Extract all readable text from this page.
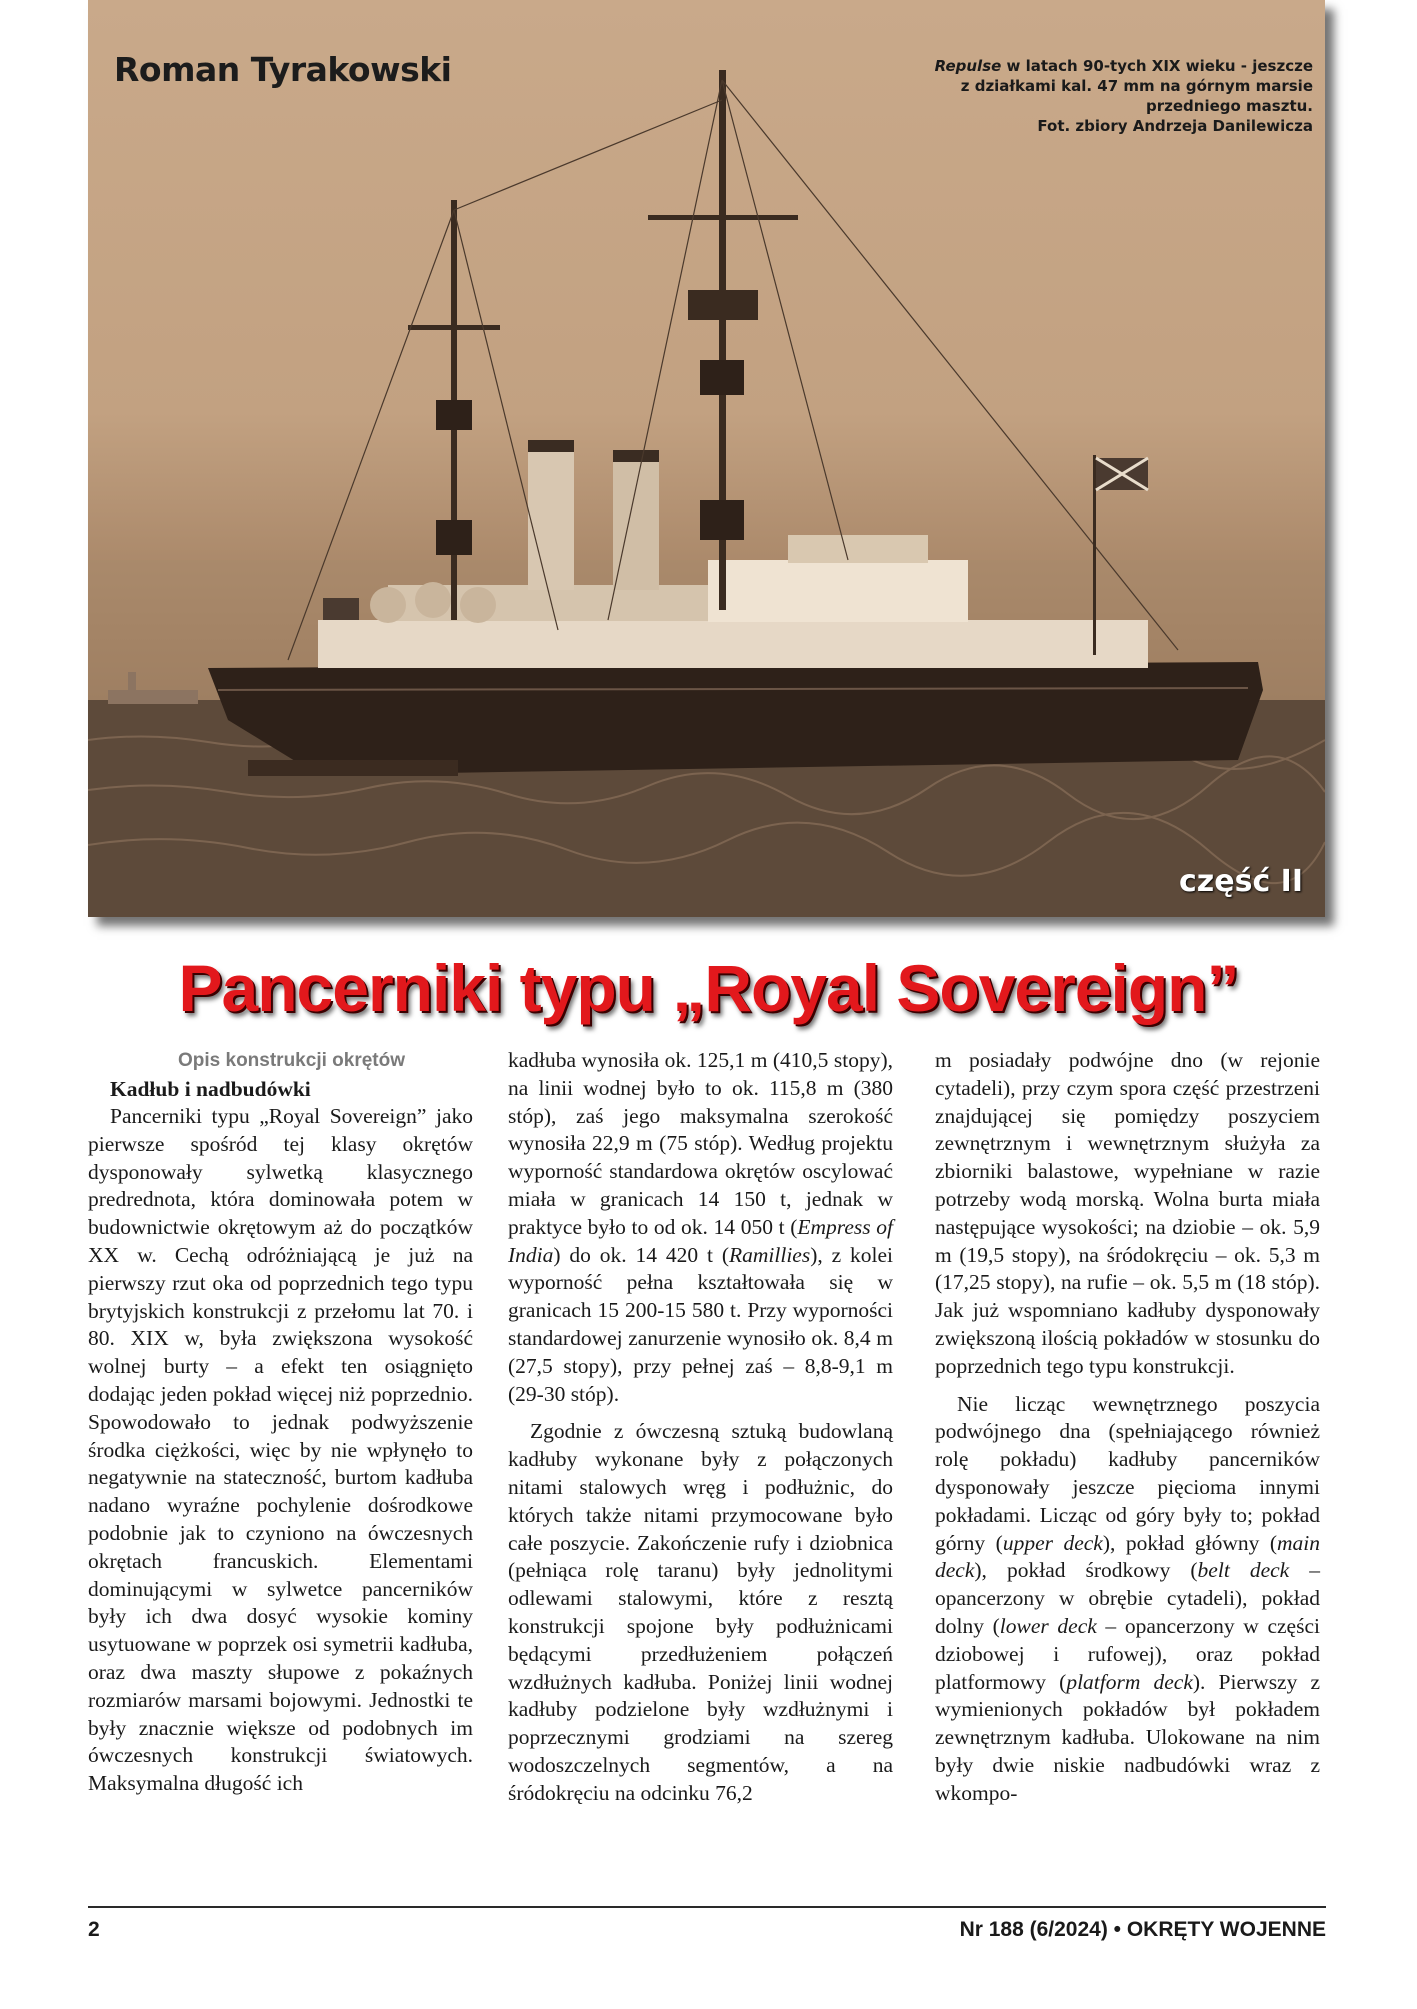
Roman Tyrakowski	Repulse w latach 90-tych XIX wieku - jeszcze z działkami kal. 47 mm na górnym marsie przedniego masztu.
Fot. zbiory Andrzeja Danilewicza
część II
Pancerniki typu „Royal Sovereign”

Opis konstrukcji okrętów

Kadłub i nadbudówki

Pancerniki typu „Royal Sovereign” jako pierwsze spośród tej klasy okrętów dysponowały sylwetką klasycznego predrednota, która dominowała potem w budownictwie okrętowym aż do początków XX w. Cechą odróżniającą je już na pierwszy rzut oka od poprzednich tego typu brytyjskich konstrukcji z przełomu lat 70. i 80. XIX w, była zwiększona wysokość wolnej burty – a efekt ten osiągnięto dodając jeden pokład więcej niż poprzednio. Spowodowało to jednak podwyższenie środka ciężkości, więc by nie wpłynęło to negatywnie na stateczność, burtom kadłuba nadano wyraźne pochylenie dośrodkowe podobnie jak to czyniono na ówczesnych okrętach francuskich. Elementami dominującymi w sylwetce pancerników były ich dwa dosyć wysokie kominy usytuowane w poprzek osi symetrii kadłuba, oraz dwa maszty słupowe z pokaźnych rozmiarów marsami bojowymi. Jednostki te były znacznie większe od podobnych im ówczesnych konstrukcji światowych. Maksymalna długość ich

kadłuba wynosiła ok. 125,1 m (410,5 stopy), na linii wodnej było to ok. 115,8 m (380 stóp), zaś jego maksymalna szerokość wynosiła 22,9 m (75 stóp). Według projektu wyporność standardowa okrętów oscylować miała w granicach 14 150 t, jednak w praktyce było to od ok. 14 050 t (Empress of India) do ok. 14 420 t (Ramillies), z kolei wyporność pełna kształtowała się w granicach 15 200-15 580 t. Przy wyporności standardowej zanurzenie wynosiło ok. 8,4 m (27,5 stopy), przy pełnej zaś – 8,8-9,1 m (29-30 stóp).

Zgodnie z ówczesną sztuką budowlaną kadłuby wykonane były z połączonych nitami stalowych wręg i podłużnic, do których także nitami przymocowane było całe poszycie. Zakończenie rufy i dziobnica (pełniąca rolę taranu) były jednolitymi odlewami stalowymi, które z resztą konstrukcji spojone były podłużnicami będącymi przedłużeniem połączeń wzdłużnych kadłuba. Poniżej linii wodnej kadłuby podzielone były wzdłużnymi i poprzecznymi grodziami na szereg wodoszczelnych segmentów, a na śródokręciu na odcinku 76,2

m posiadały podwójne dno (w rejonie cytadeli), przy czym spora część przestrzeni znajdującej się pomiędzy poszyciem zewnętrznym i wewnętrznym służyła za zbiorniki balastowe, wypełniane w razie potrzeby wodą morską. Wolna burta miała następujące wysokości; na dziobie – ok. 5,9 m (19,5 stopy), na śródokręciu – ok. 5,3 m (17,25 stopy), na rufie – ok. 5,5 m (18 stóp). Jak już wspomniano kadłuby dysponowały zwiększoną ilością pokładów w stosunku do poprzednich tego typu konstrukcji.

Nie licząc wewnętrznego poszycia podwójnego dna (spełniającego również rolę pokładu) kadłuby pancerników dysponowały jeszcze pięcioma innymi pokładami. Licząc od góry były to; pokład górny (upper deck), pokład główny (main deck), pokład środkowy (belt deck – opancerzony w obrębie cytadeli), pokład dolny (lower deck – opancerzony w części dziobowej i rufowej), oraz pokład platformowy (platform deck). Pierwszy z wymienionych pokładów był pokładem zewnętrznym kadłuba. Ulokowane na nim były dwie niskie nadbudówki wraz z wkompo-

2	Nr 188 (6/2024) • OKRĘTY WOJENNE
